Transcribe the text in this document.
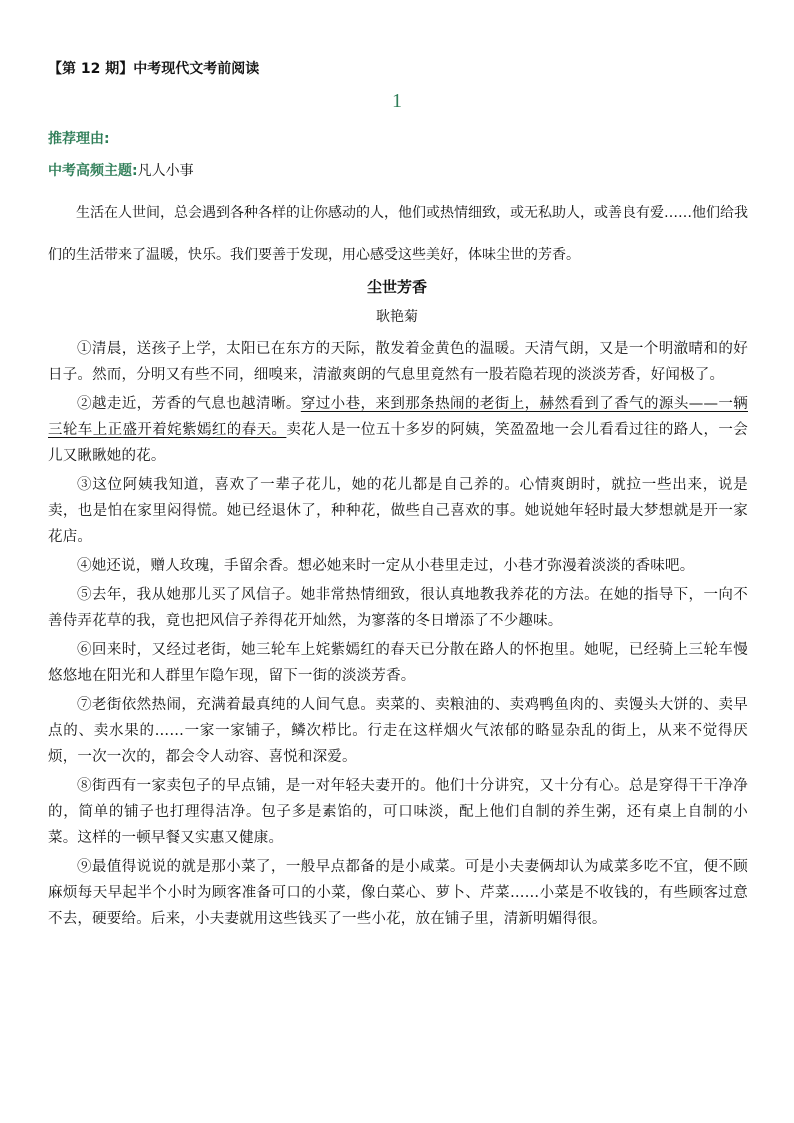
【第 12 期】中考现代文考前阅读
1
推荐理由:
中考高频主题:凡人小事

生活在人世间，总会遇到各种各样的让你感动的人，他们或热情细致，或无私助人，或善良有爱……他们给我们的生活带来了温暖，快乐。我们要善于发现，用心感受这些美好，体味尘世的芳香。

尘世芳香
耿艳菊

①清晨，送孩子上学，太阳已在东方的天际，散发着金黄色的温暖。天清气朗，又是一个明澈晴和的好日子。然而，分明又有些不同，细嗅来，清澈爽朗的气息里竟然有一股若隐若现的淡淡芳香，好闻极了。

②越走近，芳香的气息也越清晰。穿过小巷，来到那条热闹的老街上，赫然看到了香气的源头——一辆三轮车上正盛开着姹紫嫣红的春天。卖花人是一位五十多岁的阿姨，笑盈盈地一会儿看看过往的路人，一会儿又瞅瞅她的花。

③这位阿姨我知道，喜欢了一辈子花儿，她的花儿都是自己养的。心情爽朗时，就拉一些出来，说是卖，也是怕在家里闷得慌。她已经退休了，种种花，做些自己喜欢的事。她说她年轻时最大梦想就是开一家花店。

④她还说，赠人玫瑰，手留余香。想必她来时一定从小巷里走过，小巷才弥漫着淡淡的香味吧。

⑤去年，我从她那儿买了风信子。她非常热情细致，很认真地教我养花的方法。在她的指导下，一向不善侍弄花草的我，竟也把风信子养得花开灿然，为寥落的冬日增添了不少趣味。

⑥回来时，又经过老街，她三轮车上姹紫嫣红的春天已分散在路人的怀抱里。她呢，已经骑上三轮车慢悠悠地在阳光和人群里乍隐乍现，留下一街的淡淡芳香。

⑦老街依然热闹，充满着最真纯的人间气息。卖菜的、卖粮油的、卖鸡鸭鱼肉的、卖馒头大饼的、卖早点的、卖水果的……一家一家铺子，鳞次栉比。行走在这样烟火气浓郁的略显杂乱的街上，从来不觉得厌烦，一次一次的，都会令人动容、喜悦和深爱。

⑧街西有一家卖包子的早点铺，是一对年轻夫妻开的。他们十分讲究，又十分有心。总是穿得干干净净的，简单的铺子也打理得洁净。包子多是素馅的，可口味淡，配上他们自制的养生粥，还有桌上自制的小菜。这样的一顿早餐又实惠又健康。

⑨最值得说说的就是那小菜了，一般早点都备的是小咸菜。可是小夫妻俩却认为咸菜多吃不宜，便不顾麻烦每天早起半个小时为顾客准备可口的小菜，像白菜心、萝卜、芹菜……小菜是不收钱的，有些顾客过意不去，硬要给。后来，小夫妻就用这些钱买了一些小花，放在铺子里，清新明媚得很。
